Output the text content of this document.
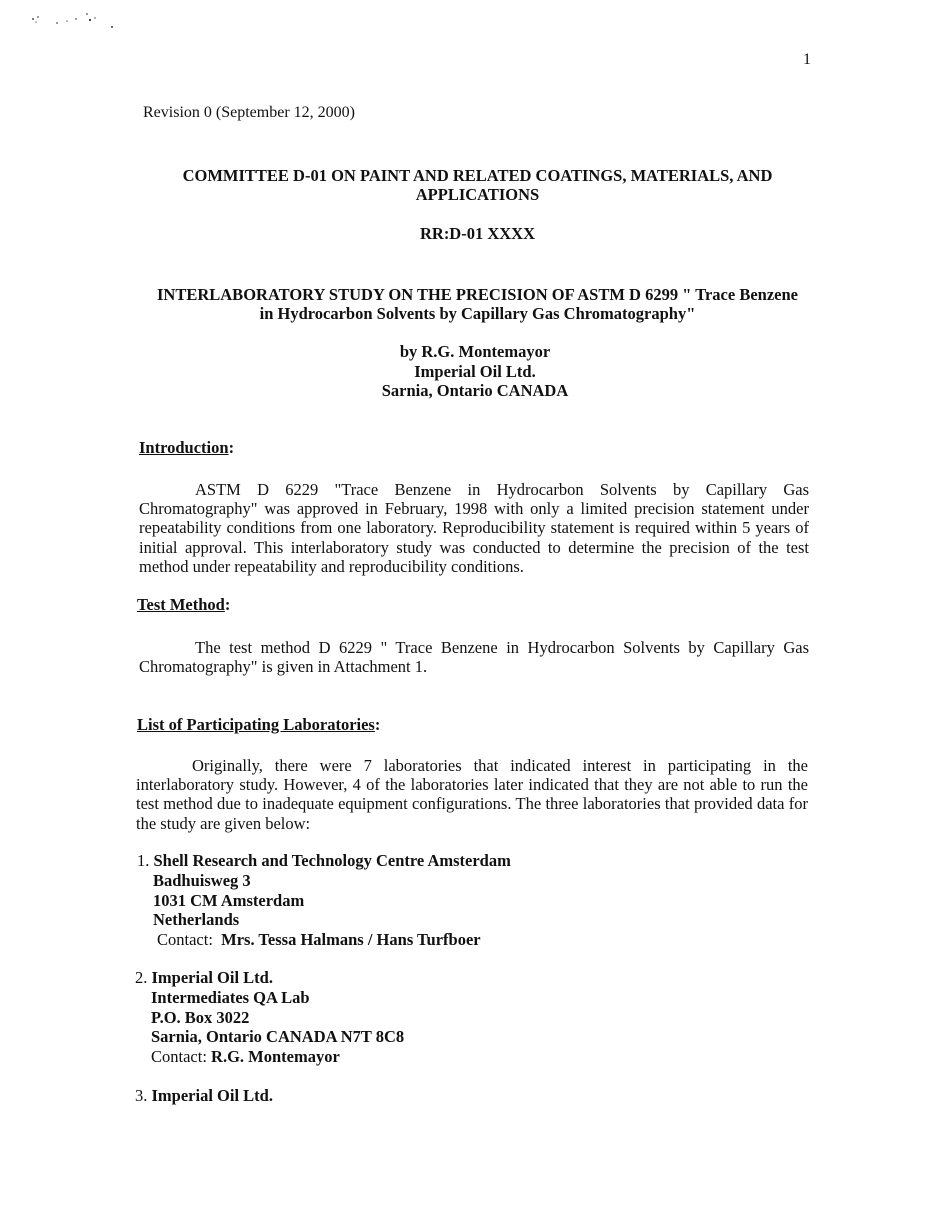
1
Revision 0 (September 12, 2000)
COMMITTEE D-01 ON PAINT AND RELATED COATINGS, MATERIALS, AND
APPLICATIONS
RR:D-01 XXXX
INTERLABORATORY STUDY ON THE PRECISION OF ASTM D 6299 " Trace Benzene
in Hydrocarbon Solvents by Capillary Gas Chromatography"
by R.G. Montemayor
Imperial Oil Ltd.
Sarnia, Ontario CANADA
Introduction:

ASTM D 6229 "Trace Benzene in Hydrocarbon Solvents by Capillary Gas Chromatography" was approved in February, 1998 with only a limited precision statement under repeatability conditions from one laboratory. Reproducibility statement is required within 5 years of initial approval. This interlaboratory study was conducted to determine the precision of the test method under repeatability and reproducibility conditions.

Test Method:

The test method D 6229 " Trace Benzene in Hydrocarbon Solvents by Capillary Gas Chromatography" is given in Attachment 1.

List of Participating Laboratories:

Originally, there were 7 laboratories that indicated interest in participating in the interlaboratory study. However, 4 of the laboratories later indicated that they are not able to run the test method due to inadequate equipment configurations. The three laboratories that provided data for the study are given below:

1. Shell Research and Technology Centre Amsterdam
Badhuisweg 3
1031 CM Amsterdam
Netherlands
Contact: Mrs. Tessa Halmans / Hans Turfboer
2. Imperial Oil Ltd.
Intermediates QA Lab
P.O. Box 3022
Sarnia, Ontario CANADA N7T 8C8
Contact: R.G. Montemayor
3. Imperial Oil Ltd.
